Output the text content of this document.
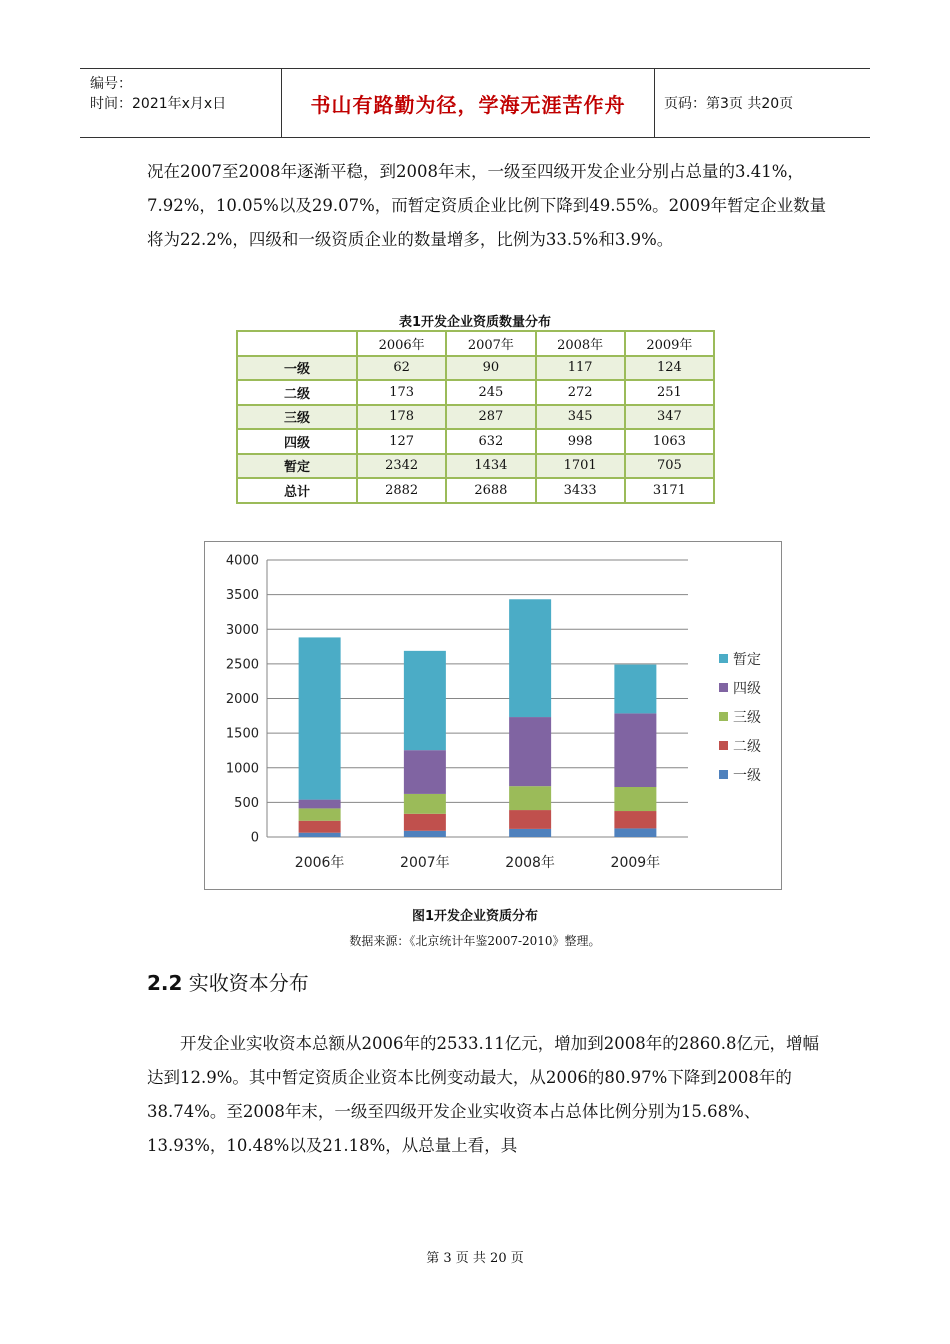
编号：
时间：2021年x月x日	书山有路勤为径，学海无涯苦作舟	页码：第3页 共20页
况在2007至2008年逐渐平稳，到2008年末，一级至四级开发企业分别占总量的3.41%，7.92%，10.05%以及29.07%，而暂定资质企业比例下降到49.55%。2009年暂定企业数量将为22.2%，四级和一级资质企业的数量增多，比例为33.5%和3.9%。
表1开发企业资质数量分布
	2006年	2007年	2008年	2009年
一级	62	90	117	124
二级	173	245	272	251
三级	178	287	345	347
四级	127	632	998	1063
暂定	2342	1434	1701	705
总计	2882	2688	3433	3171
0
500
1000
1500
2000
2500
3000
3500
4000
2006年	2007年	2008年	2009年
暂定
四级
三级
二级
一级
图1开发企业资质分布
数据来源：《北京统计年鉴2007-2010》整理。
2.2 实收资本分布
开发企业实收资本总额从2006年的2533.11亿元，增加到2008年的2860.8亿元，增幅达到12.9%。其中暂定资质企业资本比例变动最大，从2006的80.97%下降到2008年的38.74%。至2008年末，一级至四级开发企业实收资本占总体比例分别为15.68%、13.93%，10.48%以及21.18%，从总量上看，具
第 3 页 共 20 页
